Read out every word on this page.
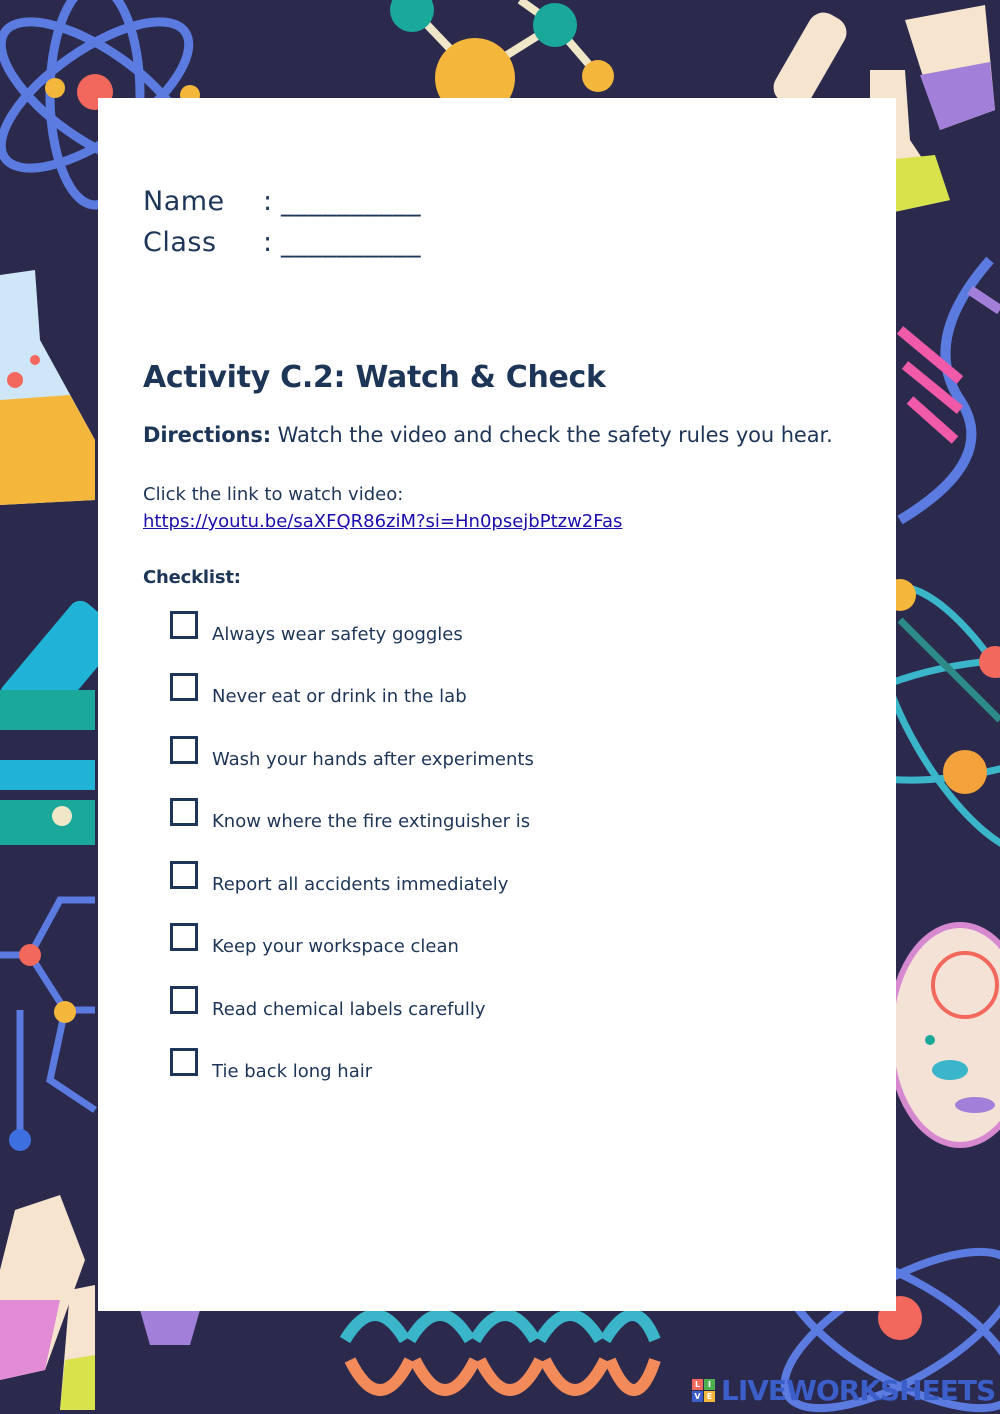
Name : __________
Class : __________
Activity C.2: Watch & Check
Directions: Watch the video and check the safety rules you hear.
Click the link to watch video:
https://youtu.be/saXFQR86ziM?si=Hn0psejbPtzw2Fas
Checklist:
Always wear safety goggles
Never eat or drink in the lab
Wash your hands after experiments
Know where the fire extinguisher is
Report all accidents immediately
Keep your workspace clean
Read chemical labels carefully
Tie back long hair
L I
V E LIVEWORKSHEETS
